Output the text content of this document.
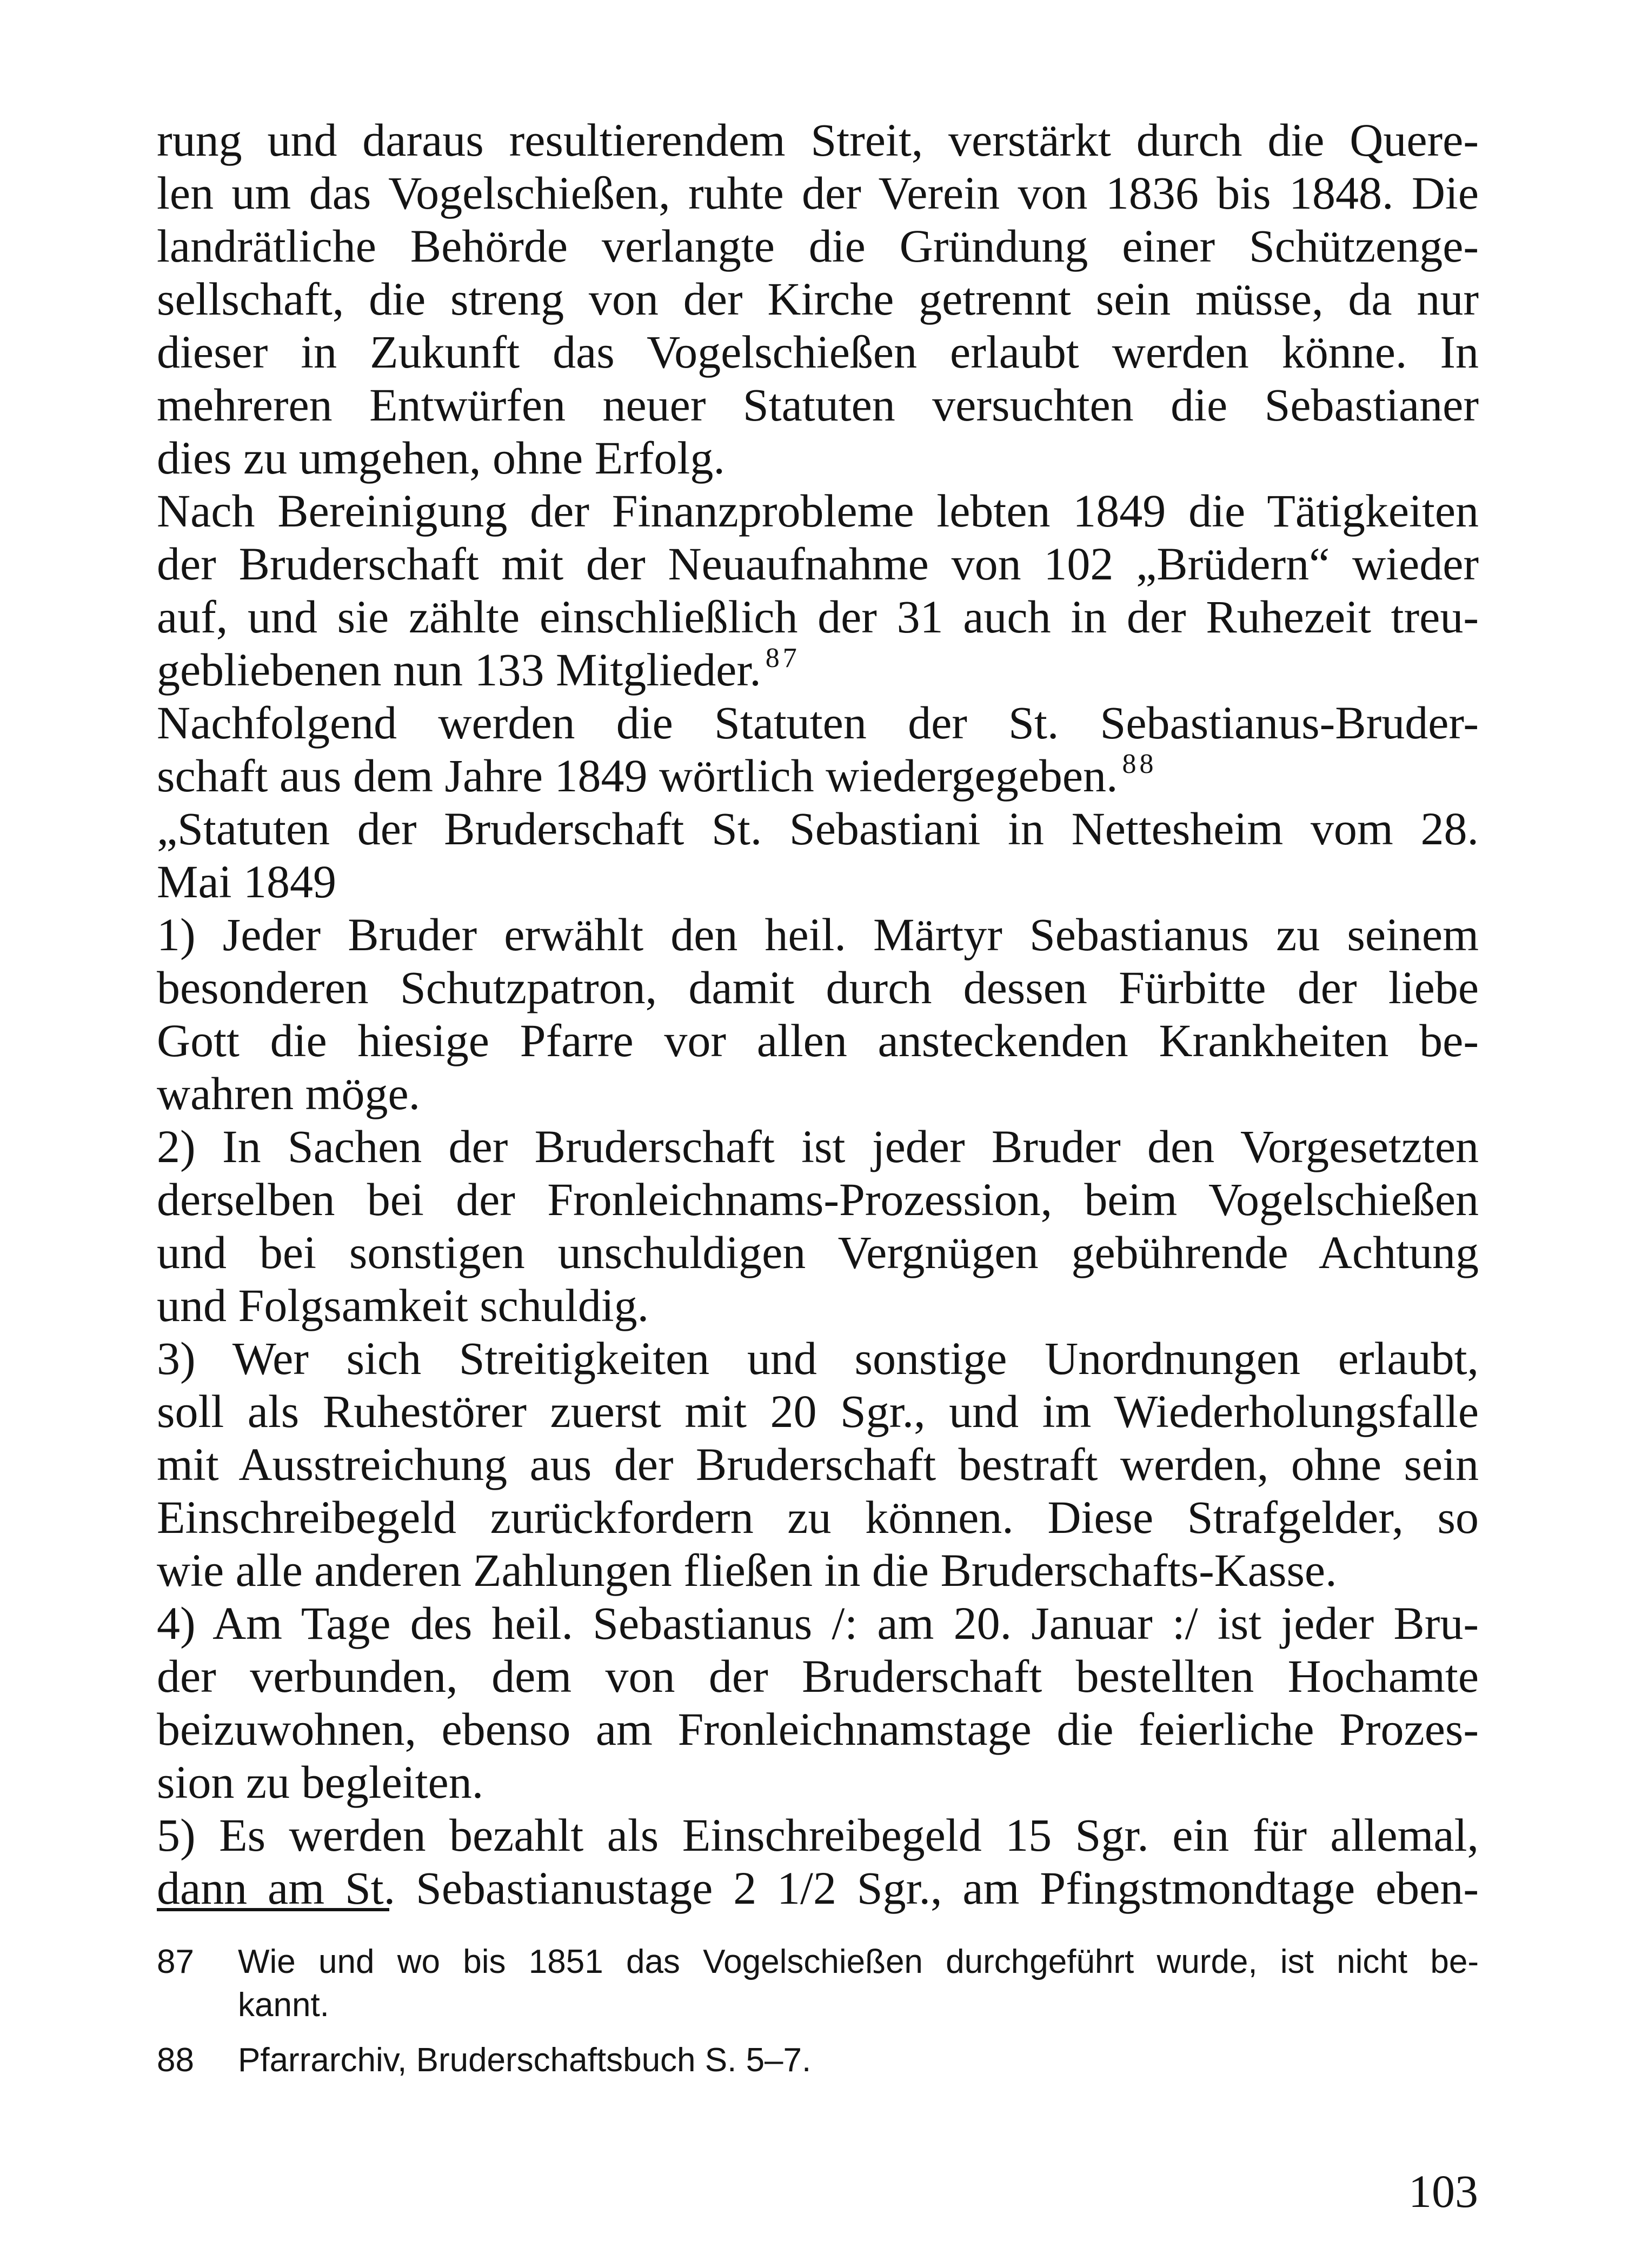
rung und daraus resultierendem Streit, verstärkt durch die Quere-
len um das Vogelschießen, ruhte der Verein von 1836 bis 1848. Die
landrätliche Behörde verlangte die Gründung einer Schützenge-
sellschaft, die streng von der Kirche getrennt sein müsse, da nur
dieser in Zukunft das Vogelschießen erlaubt werden könne. In
mehreren Entwürfen neuer Statuten versuchten die Sebastianer
dies zu umgehen, ohne Erfolg.
Nach Bereinigung der Finanzprobleme lebten 1849 die Tätigkeiten
der Bruderschaft mit der Neuaufnahme von 102 „Brüdern“ wieder
auf, und sie zählte einschließlich der 31 auch in der Ruhezeit treu-
gebliebenen nun 133 Mitglieder. $^{87}$
Nachfolgend werden die Statuten der St. Sebastianus-Bruder-
schaft aus dem Jahre 1849 wörtlich wiedergegeben. $^{88}$
„Statuten der Bruderschaft St. Sebastiani in Nettesheim vom 28.
Mai 1849
1) Jeder Bruder erwählt den heil. Märtyr Sebastianus zu seinem
besonderen Schutzpatron, damit durch dessen Fürbitte der liebe
Gott die hiesige Pfarre vor allen ansteckenden Krankheiten be-
wahren möge.
2) In Sachen der Bruderschaft ist jeder Bruder den Vorgesetzten
derselben bei der Fronleichnams-Prozession, beim Vogelschießen
und bei sonstigen unschuldigen Vergnügen gebührende Achtung
und Folgsamkeit schuldig.
3) Wer sich Streitigkeiten und sonstige Unordnungen erlaubt,
soll als Ruhestörer zuerst mit 20 Sgr., und im Wiederholungsfalle
mit Ausstreichung aus der Bruderschaft bestraft werden, ohne sein
Einschreibegeld zurückfordern zu können. Diese Strafgelder, so
wie alle anderen Zahlungen fließen in die Bruderschafts-Kasse.
4) Am Tage des heil. Sebastianus /: am 20. Januar :/ ist jeder Bru-
der verbunden, dem von der Bruderschaft bestellten Hochamte
beizuwohnen, ebenso am Fronleichnamstage die feierliche Prozes-
sion zu begleiten.
5) Es werden bezahlt als Einschreibegeld 15 Sgr. ein für allemal,
dann am St. Sebastianustage 2 1/2 Sgr., am Pfingstmondtage eben-
87	Wie und wo bis 1851 das Vogelschießen durchgeführt wurde, ist nicht be-
kannt.
88	Pfarrarchiv, Bruderschaftsbuch S. 5–7.
103
